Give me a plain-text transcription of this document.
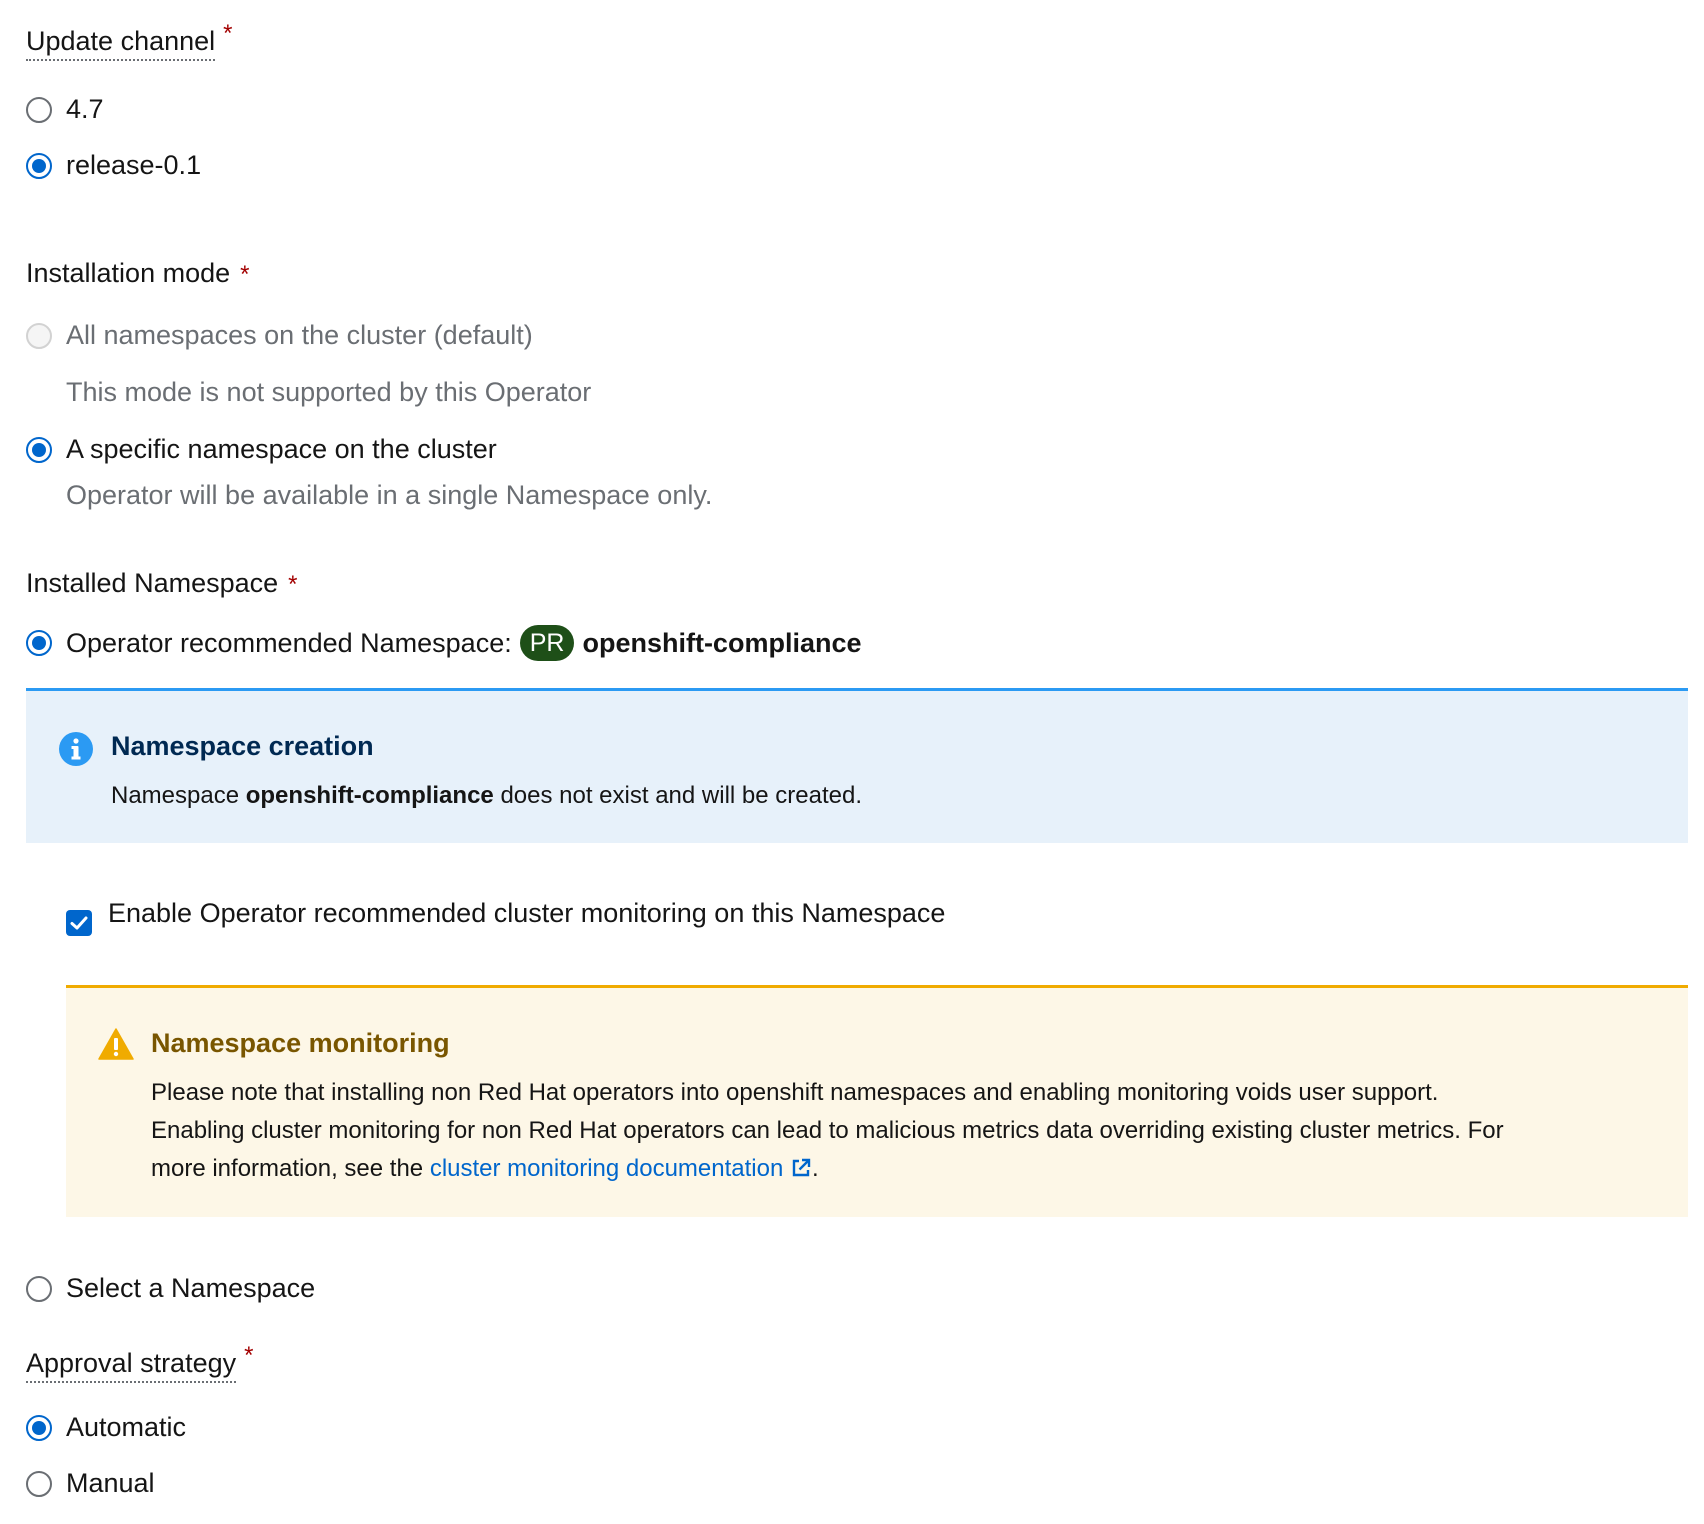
Update channel *
4.7
release-0.1
Installation mode *
All namespaces on the cluster (default)
This mode is not supported by this Operator
A specific namespace on the cluster
Operator will be available in a single Namespace only.
Installed Namespace *
Operator recommended Namespace: PR openshift-compliance
Namespace creation
Namespace openshift-compliance does not exist and will be created.
Enable Operator recommended cluster monitoring on this Namespace
Namespace monitoring
Please note that installing non Red Hat operators into openshift namespaces and enabling monitoring voids user support.
Enabling cluster monitoring for non Red Hat operators can lead to malicious metrics data overriding existing cluster metrics. For
more information, see the cluster monitoring documentation .
Select a Namespace
Approval strategy *
Automatic
Manual
